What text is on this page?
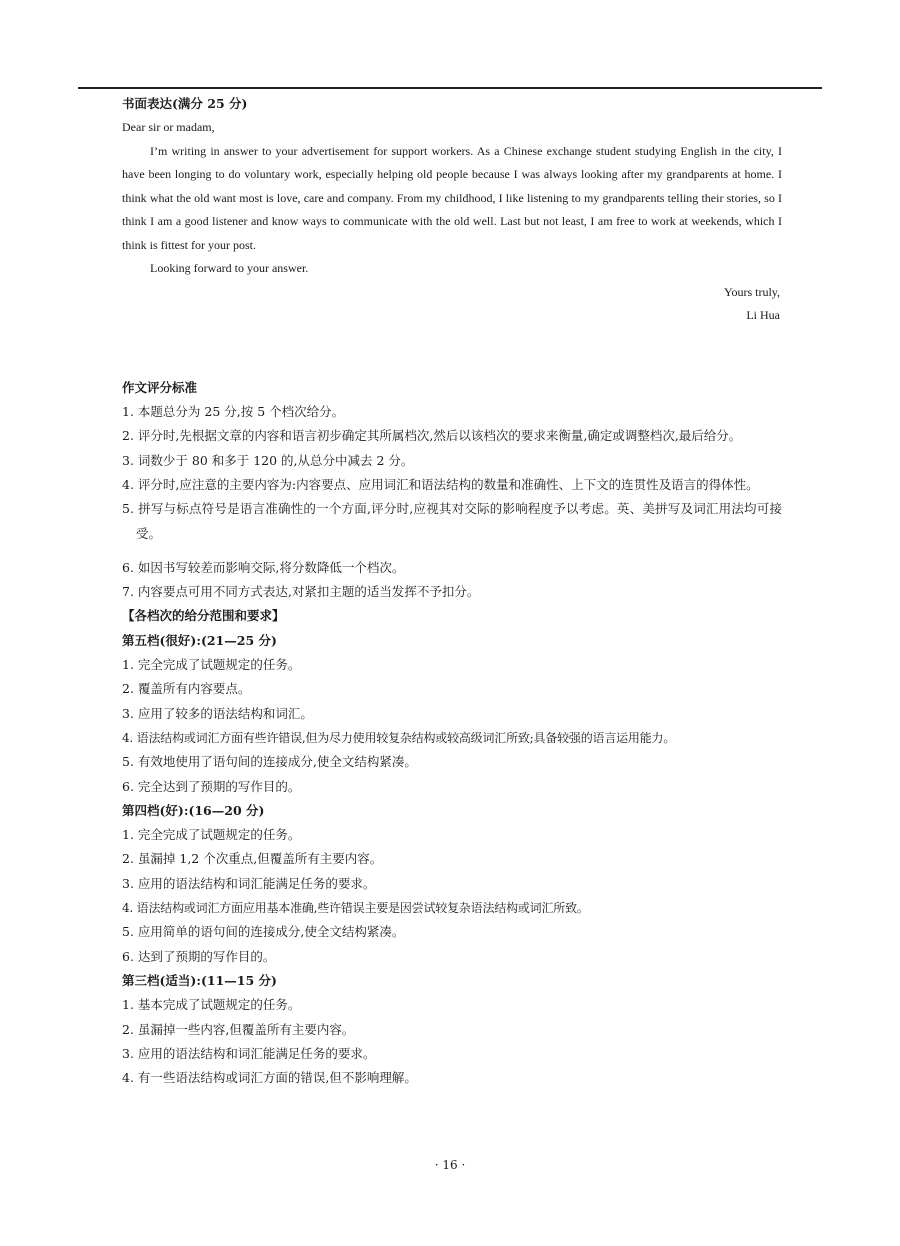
书面表达(满分 25 分)

Dear sir or madam,

I’m writing in answer to your advertisement for support workers. As a Chinese exchange student studying English in the city, I have been longing to do voluntary work, especially helping old people because I was always looking after my grandparents at home. I think what the old want most is love, care and company. From my childhood, I like listening to my grandparents telling their stories, so I think I am a good listener and know ways to communicate with the old well. Last but not least, I am free to work at weekends, which I think is fittest for your post.

Looking forward to your answer.

Yours truly,

Li Hua

作文评分标准

1. 本题总分为 25 分,按 5 个档次给分。

2. 评分时,先根据文章的内容和语言初步确定其所属档次,然后以该档次的要求来衡量,确定或调整档次,最后给分。

3. 词数少于 80 和多于 120 的,从总分中减去 2 分。

4. 评分时,应注意的主要内容为:内容要点、应用词汇和语法结构的数量和准确性、上下文的连贯性及语言的得体性。

5. 拼写与标点符号是语言准确性的一个方面,评分时,应视其对交际的影响程度予以考虑。英、美拼写及词汇用法均可接受。

6. 如因书写较差而影响交际,将分数降低一个档次。

7. 内容要点可用不同方式表达,对紧扣主题的适当发挥不予扣分。

【各档次的给分范围和要求】

第五档(很好):(21—25 分)

1. 完全完成了试题规定的任务。

2. 覆盖所有内容要点。

3. 应用了较多的语法结构和词汇。

4. 语法结构或词汇方面有些许错误,但为尽力使用较复杂结构或较高级词汇所致;具备较强的语言运用能力。

5. 有效地使用了语句间的连接成分,使全文结构紧凑。

6. 完全达到了预期的写作目的。

第四档(好):(16—20 分)

1. 完全完成了试题规定的任务。

2. 虽漏掉 1,2 个次重点,但覆盖所有主要内容。

3. 应用的语法结构和词汇能满足任务的要求。

4. 语法结构或词汇方面应用基本准确,些许错误主要是因尝试较复杂语法结构或词汇所致。

5. 应用简单的语句间的连接成分,使全文结构紧凑。

6. 达到了预期的写作目的。

第三档(适当):(11—15 分)

1. 基本完成了试题规定的任务。

2. 虽漏掉一些内容,但覆盖所有主要内容。

3. 应用的语法结构和词汇能满足任务的要求。

4. 有一些语法结构或词汇方面的错误,但不影响理解。

· 16 ·
